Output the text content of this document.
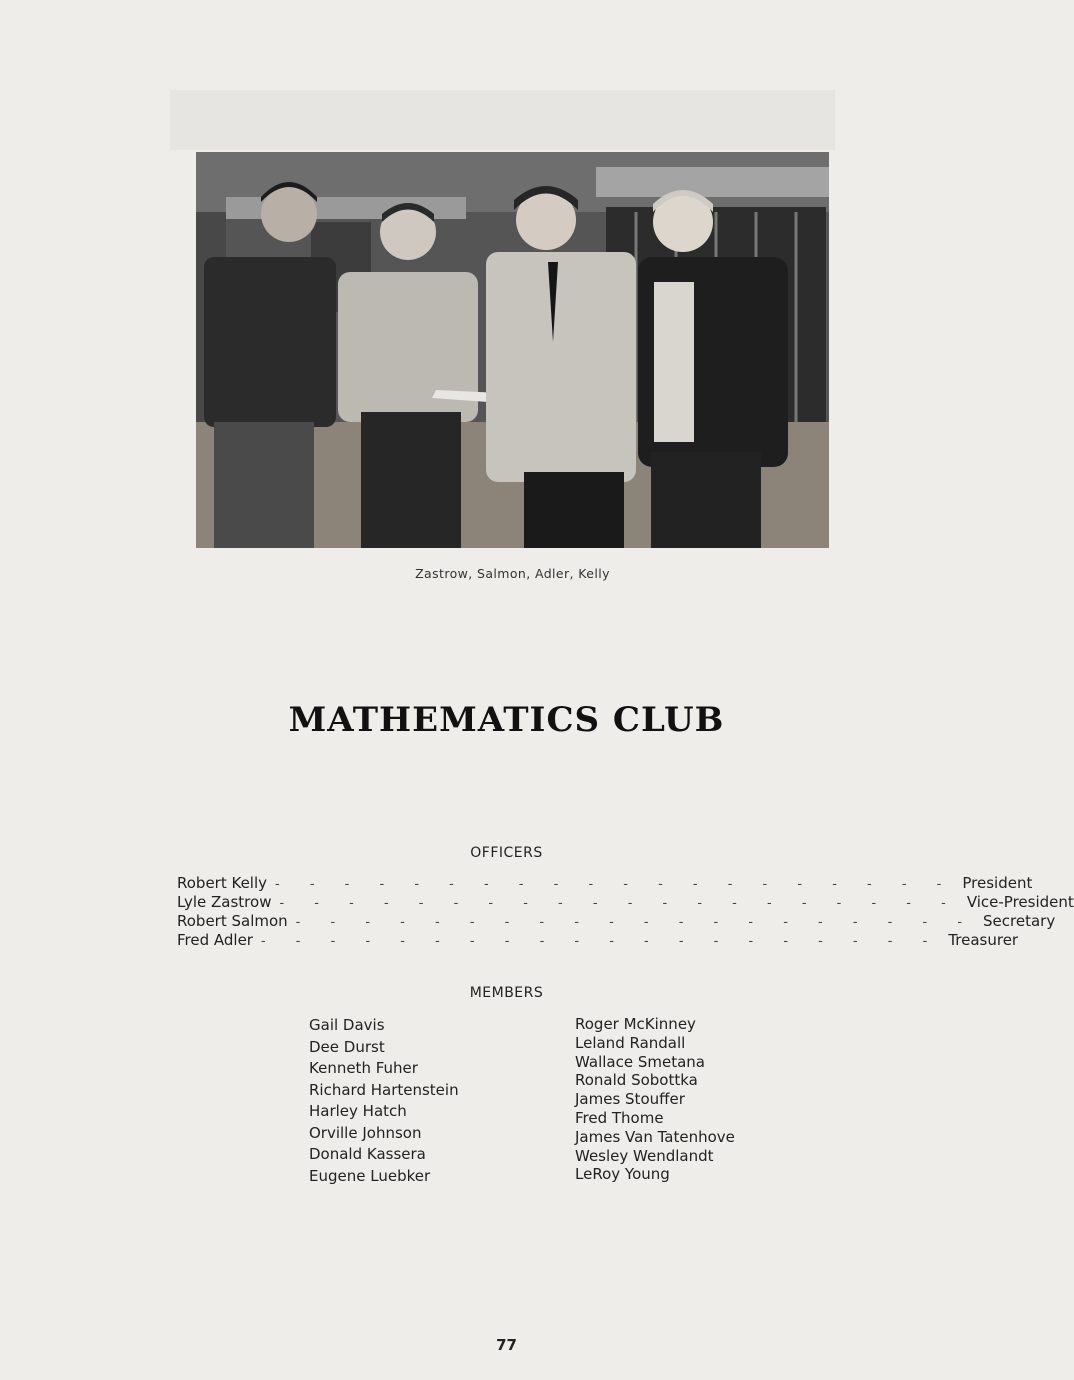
Zastrow, Salmon, Adler, Kelly
MATHEMATICS CLUB
OFFICERS
Robert Kelly - - - - - - - - - - - - - - - - - - - - President
Lyle Zastrow - - - - - - - - - - - - - - - - - - - - Vice-President
Robert Salmon - - - - - - - - - - - - - - - - - - - - Secretary
Fred Adler - - - - - - - - - - - - - - - - - - - - Treasurer
MEMBERS
Gail Davis
Dee Durst
Kenneth Fuher
Richard Hartenstein
Harley Hatch
Orville Johnson
Donald Kassera
Eugene Luebker
Roger McKinney
Leland Randall
Wallace Smetana
Ronald Sobottka
James Stouffer
Fred Thome
James Van Tatenhove
Wesley Wendlandt
LeRoy Young
77
